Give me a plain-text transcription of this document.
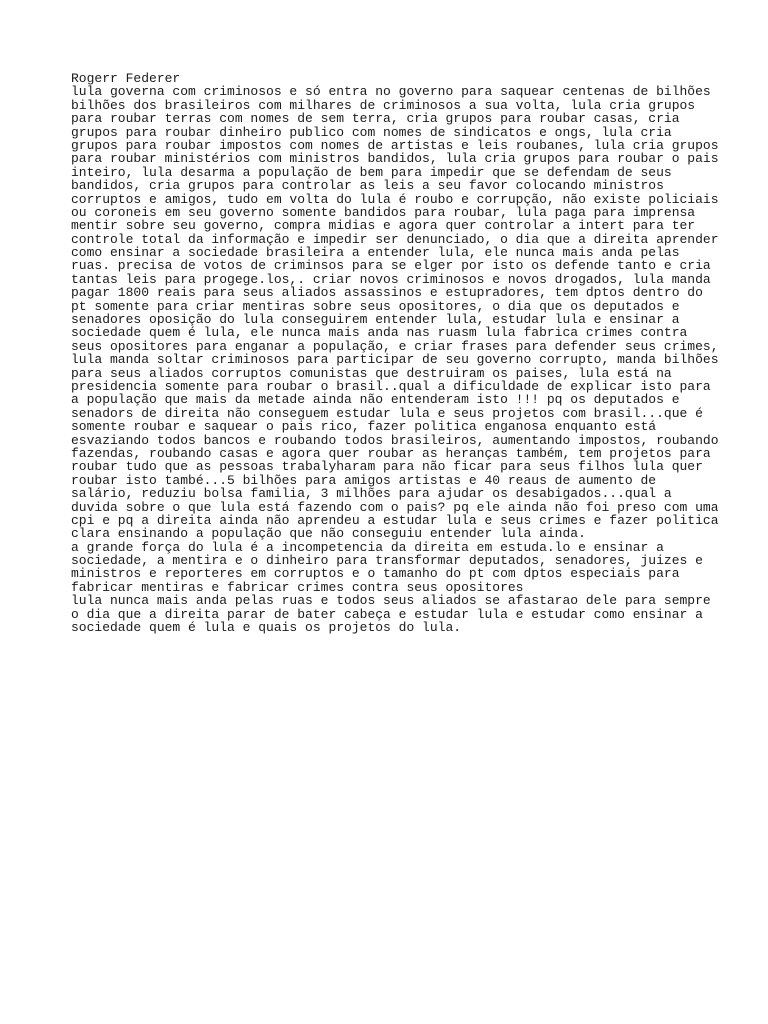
Rogerr Federer
lula governa com criminosos e só entra no governo para saquear centenas de bilhões
bilhões dos brasileiros com milhares de criminosos a sua volta, lula cria grupos
para roubar terras com nomes de sem terra, cria grupos para roubar casas, cria
grupos para roubar dinheiro publico com nomes de sindicatos e ongs, lula cria
grupos para roubar impostos com nomes de artistas e leis roubanes, lula cria grupos
para roubar ministérios com ministros bandidos, lula cria grupos para roubar o pais
inteiro, lula desarma a população de bem para impedir que se defendam de seus
bandidos, cria grupos para controlar as leis a seu favor colocando ministros
corruptos e amigos, tudo em volta do lula é roubo e corrupção, não existe policiais
ou coroneis em seu governo somente bandidos para roubar, lula paga para imprensa
mentir sobre seu governo, compra midias e agora quer controlar a intert para ter
controle total da informação e impedir ser denunciado, o dia que a direita aprender
como ensinar a sociedade brasileira a entender lula, ele nunca mais anda pelas
ruas. precisa de votos de criminsos para se elger por isto os defende tanto e cria
tantas leis para progege.los,. criar novos criminosos e novos drogados, lula manda
pagar 1800 reais para seus aliados assassinos e estupradores, tem dptos dentro do
pt somente para criar mentiras sobre seus opositores, o dia que os deputados e
senadores oposição do lula conseguirem entender lula, estudar lula e ensinar a
sociedade quem é lula, ele nunca mais anda nas ruasm lula fabrica crimes contra
seus opositores para enganar a população, e criar frases para defender seus crimes,
lula manda soltar criminosos para participar de seu governo corrupto, manda bilhões
para seus aliados corruptos comunistas que destruiram os paises, lula está na
presidencia somente para roubar o brasil..qual a dificuldade de explicar isto para
a população que mais da metade ainda não entenderam isto !!! pq os deputados e
senadors de direita não conseguem estudar lula e seus projetos com brasil...que é
somente roubar e saquear o pais rico, fazer politica enganosa enquanto está
esvaziando todos bancos e roubando todos brasileiros, aumentando impostos, roubando
fazendas, roubando casas e agora quer roubar as heranças também, tem projetos para
roubar tudo que as pessoas trabalyharam para não ficar para seus filhos lula quer
roubar isto també...5 bilhões para amigos artistas e 40 reaus de aumento de
salário, reduziu bolsa familia, 3 milhões para ajudar os desabigados...qual a
duvida sobre o que lula está fazendo com o pais? pq ele ainda não foi preso com uma
cpi e pq a direita ainda não aprendeu a estudar lula e seus crimes e fazer politica
clara ensinando a população que não conseguiu entender lula ainda.
a grande força do lula é a incompetencia da direita em estuda.lo e ensinar a
sociedade, a mentira e o dinheiro para transformar deputados, senadores, juizes e
ministros e reporteres em corruptos e o tamanho do pt com dptos especiais para
fabricar mentiras e fabricar crimes contra seus opositores
lula nunca mais anda pelas ruas e todos seus aliados se afastarao dele para sempre
o dia que a direita parar de bater cabeça e estudar lula e estudar como ensinar a
sociedade quem é lula e quais os projetos do lula.
